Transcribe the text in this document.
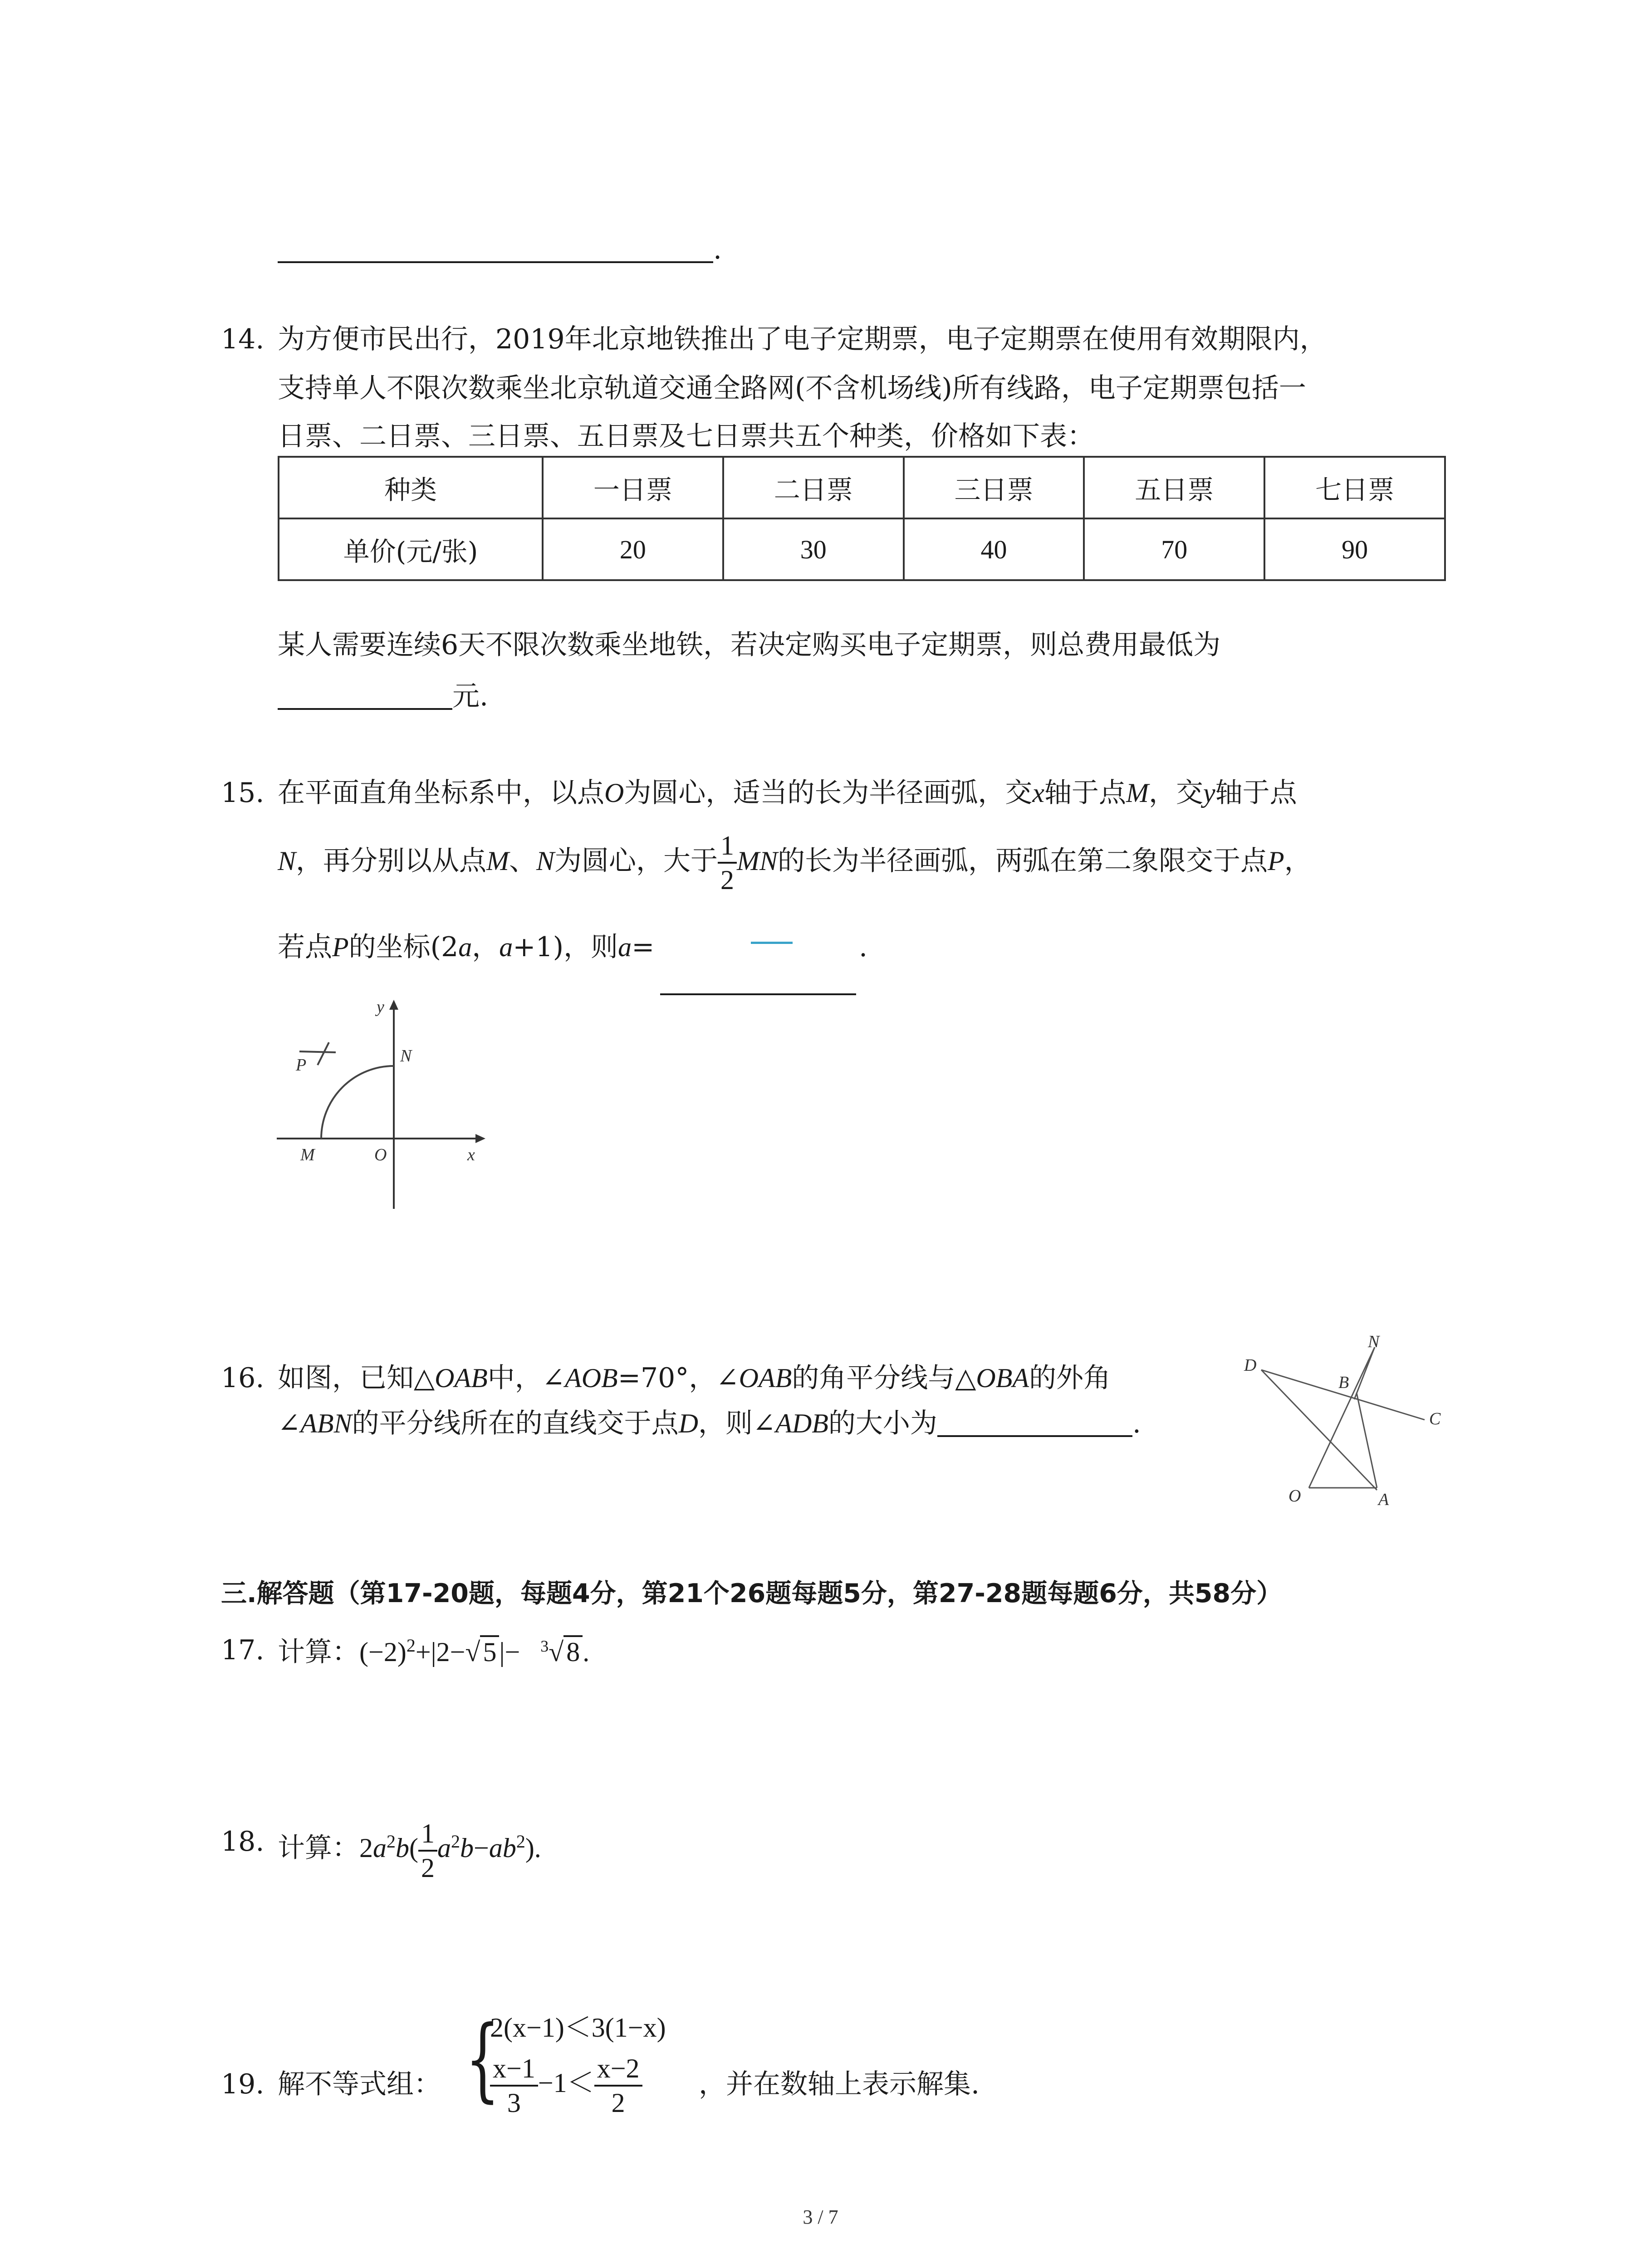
.
14. 为方便市民出行，2019年北京地铁推出了电子定期票，电子定期票在使用有效期限内，
支持单人不限次数乘坐北京轨道交通全路网(不含机场线)所有线路，电子定期票包括一
日票、二日票、三日票、五日票及七日票共五个种类，价格如下表：
种类	一日票	二日票	三日票	五日票	七日票
单价(元/张)	20	30	40	70	90
某人需要连续6天不限次数乘坐地铁，若决定购买电子定期票，则总费用最低为
元.
15. 在平面直角坐标系中，以点O为圆心，适当的长为半径画弧，交x轴于点M，交y轴于点
N，再分别以从点M、N为圆心，大于 $\frac{1}{2}$ MN的长为半径画弧，两弧在第二象限交于点P，
若点P的坐标(2a，a+1)，则a=	.
y
N
P
M	O	x
16. 如图，已知△OAB中，∠AOB=70°，∠OAB的角平分线与△OBA的外角
∠ABN的平分线所在的直线交于点D，则∠ADB的大小为	.
D
N
B
C
O	A
三.解答题（第17-20题，每题4分，第21个26题每题5分，第27-28题每题6分，共58分）
17. 计算：$(-2)^2+|2-√$ 5 |− $^3$√ 8 .
18. 计算：$2a^2b( \frac{1}{2} a^2b-ab^2)$.
19. 解不等式组： {
2(x−1)＜3(1−x)
$\frac{x-1}{3} -1< \frac{x-2}{2}$ ，并在数轴上表示解集.
3 / 7
